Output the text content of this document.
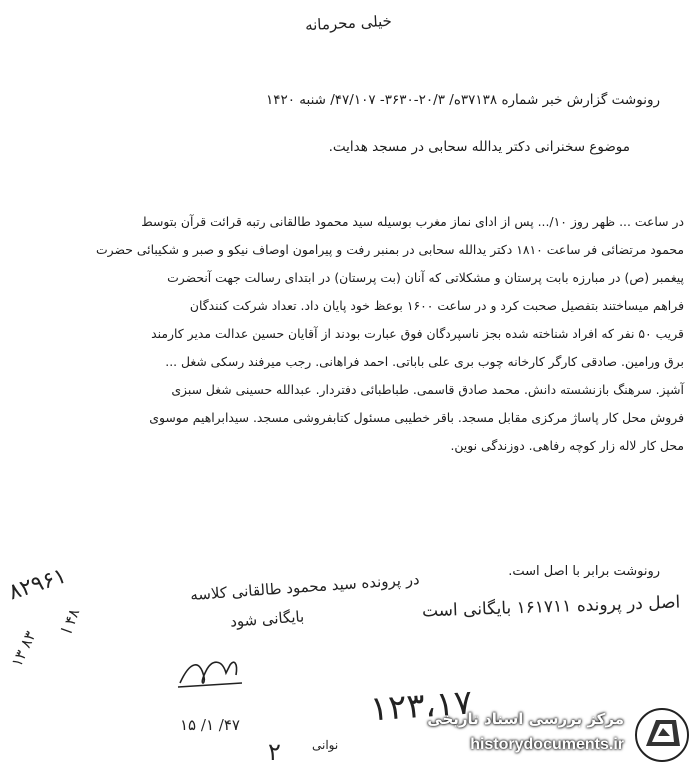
خیلی محرمانه
رونوشت گزارش خبر شماره ۳۷۱۳۸ه/ ۲۰/۳-۳۶۳۰- ۴۷/۱۰۷/ شنبه ۱۴۲۰
موضوع سخنرانی دکتر یدالله سحابی در مسجد هدایت.
در ساعت ... ظهر روز ۱۰/... پس از ادای نماز مغرب بوسیله سید محمود طالقانی رتبه قرائت قرآن بتوسط
محمود مرتضائی فر ساعت ۱۸۱۰ دکتر یدالله سحابی در بمنبر رفت و پیرامون اوصاف نیکو و صبر و شکیبائی حضرت
پیغمبر (ص) در مبارزه بابت پرستان و مشکلاتی که آنان (بت پرستان) در ابتدای رسالت جهت آنحضرت
فراهم میساختند بتفصیل صحبت کرد و در ساعت ۱۶۰۰ بوعظ خود پایان داد. تعداد شرکت کنندگان
قریب ۵۰ نفر که افراد شناخته شده بجز ناسپردگان فوق عبارت بودند از آقایان حسین عدالت مدیر کارمند
برق ورامین. صادقی کارگر کارخانه چوب بری علی باباتی. احمد فراهانی. رجب میرفند رسکی شغل ...
آشپز. سرهنگ بازنشسته دانش. محمد صادق قاسمی. طباطبائی دفتردار. عبدالله حسینی شغل سبزی
فروش محل کار پاساژ مرکزی مقابل مسجد. باقر خطیبی مسئول کتابفروشی مسجد. سیدابراهیم موسوی
محل کار لاله زار کوچه رفاهی. دوزندگی نوین.
رونوشت برابر با اصل است.
اصل در پرونده ۱۶۱۷۱۱ بایگانی است
در پرونده سید محمود طالقانی کلاسه
بایگانی شود
۸۲۹۶۱
۴۸ ا
۱۳ ۸۳
۴۷/ ۱/ ۱۵	۱۲۳،۱۷
۲	نوانی
مرکز بررسی اسناد تاریخی
historydocuments.ir
